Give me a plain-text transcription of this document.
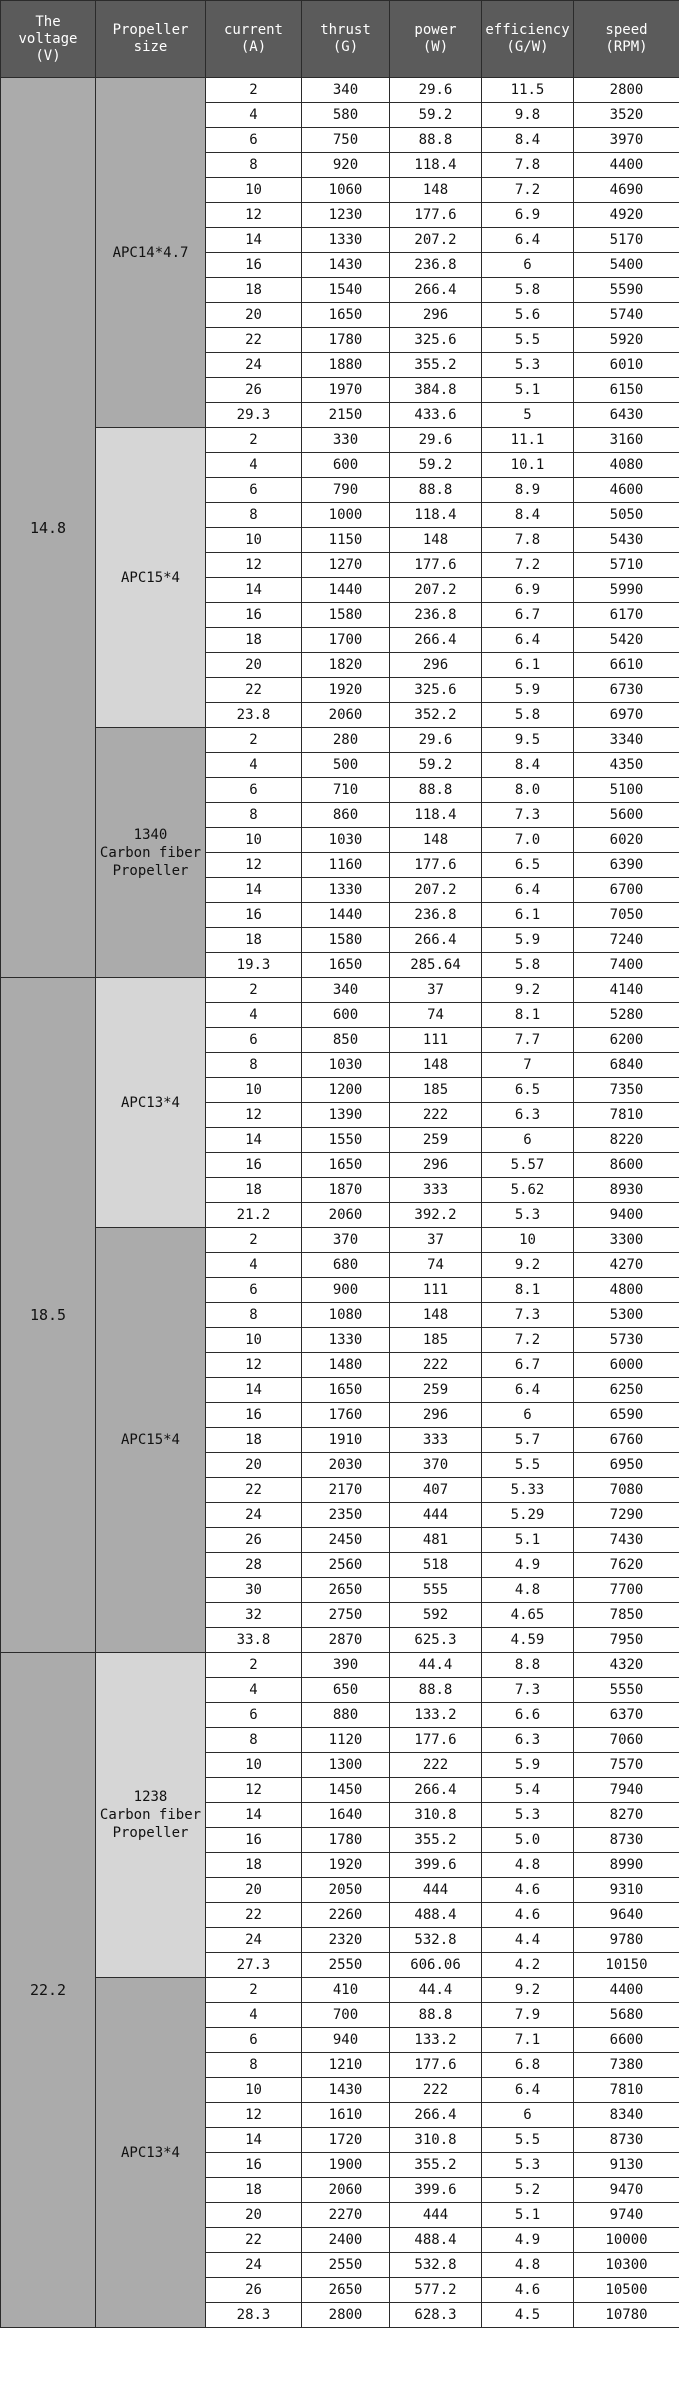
The
voltage
(V)	Propeller
size	current
(A)	thrust
(G)	power
(W)	efficiency
(G/W)	speed
(RPM)
14.8	APC14*4.7	2	340	29.6	11.5	2800
		4	580	59.2	9.8	3520
		6	750	88.8	8.4	3970
		8	920	118.4	7.8	4400
		10	1060	148	7.2	4690
		12	1230	177.6	6.9	4920
		14	1330	207.2	6.4	5170
		16	1430	236.8	6	5400
		18	1540	266.4	5.8	5590
		20	1650	296	5.6	5740
		22	1780	325.6	5.5	5920
		24	1880	355.2	5.3	6010
		26	1970	384.8	5.1	6150
		29.3	2150	433.6	5	6430
	APC15*4	2	330	29.6	11.1	3160
		4	600	59.2	10.1	4080
		6	790	88.8	8.9	4600
		8	1000	118.4	8.4	5050
		10	1150	148	7.8	5430
		12	1270	177.6	7.2	5710
		14	1440	207.2	6.9	5990
		16	1580	236.8	6.7	6170
		18	1700	266.4	6.4	5420
		20	1820	296	6.1	6610
		22	1920	325.6	5.9	6730
		23.8	2060	352.2	5.8	6970
	1340
Carbon fiber
Propeller	2	280	29.6	9.5	3340
		4	500	59.2	8.4	4350
		6	710	88.8	8.0	5100
		8	860	118.4	7.3	5600
		10	1030	148	7.0	6020
		12	1160	177.6	6.5	6390
		14	1330	207.2	6.4	6700
		16	1440	236.8	6.1	7050
		18	1580	266.4	5.9	7240
		19.3	1650	285.64	5.8	7400
18.5	APC13*4	2	340	37	9.2	4140
		4	600	74	8.1	5280
		6	850	111	7.7	6200
		8	1030	148	7	6840
		10	1200	185	6.5	7350
		12	1390	222	6.3	7810
		14	1550	259	6	8220
		16	1650	296	5.57	8600
		18	1870	333	5.62	8930
		21.2	2060	392.2	5.3	9400
	APC15*4	2	370	37	10	3300
		4	680	74	9.2	4270
		6	900	111	8.1	4800
		8	1080	148	7.3	5300
		10	1330	185	7.2	5730
		12	1480	222	6.7	6000
		14	1650	259	6.4	6250
		16	1760	296	6	6590
		18	1910	333	5.7	6760
		20	2030	370	5.5	6950
		22	2170	407	5.33	7080
		24	2350	444	5.29	7290
		26	2450	481	5.1	7430
		28	2560	518	4.9	7620
		30	2650	555	4.8	7700
		32	2750	592	4.65	7850
		33.8	2870	625.3	4.59	7950
22.2	1238
Carbon fiber
Propeller	2	390	44.4	8.8	4320
		4	650	88.8	7.3	5550
		6	880	133.2	6.6	6370
		8	1120	177.6	6.3	7060
		10	1300	222	5.9	7570
		12	1450	266.4	5.4	7940
		14	1640	310.8	5.3	8270
		16	1780	355.2	5.0	8730
		18	1920	399.6	4.8	8990
		20	2050	444	4.6	9310
		22	2260	488.4	4.6	9640
		24	2320	532.8	4.4	9780
		27.3	2550	606.06	4.2	10150
	APC13*4	2	410	44.4	9.2	4400
		4	700	88.8	7.9	5680
		6	940	133.2	7.1	6600
		8	1210	177.6	6.8	7380
		10	1430	222	6.4	7810
		12	1610	266.4	6	8340
		14	1720	310.8	5.5	8730
		16	1900	355.2	5.3	9130
		18	2060	399.6	5.2	9470
		20	2270	444	5.1	9740
		22	2400	488.4	4.9	10000
		24	2550	532.8	4.8	10300
		26	2650	577.2	4.6	10500
		28.3	2800	628.3	4.5	10780
